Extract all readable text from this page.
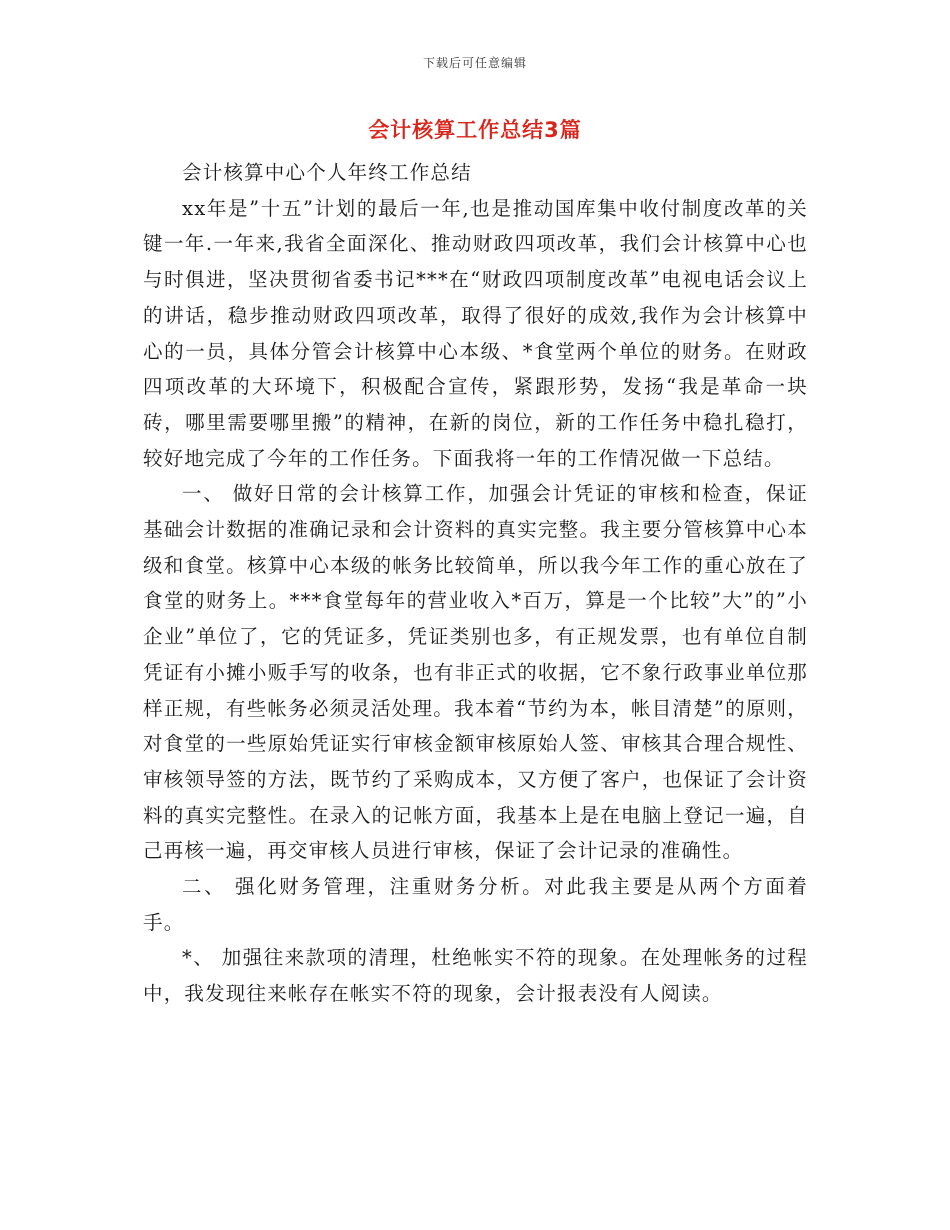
下载后可任意编辑
会计核算工作总结3篇

会计核算中心个人年终工作总结

xx年是”十五”计划的最后一年,也是推动国库集中收付制度改革的关键一年.一年来,我省全面深化、推动财政四项改革，我们会计核算中心也与时俱进，坚决贯彻省委书记***在“财政四项制度改革”电视电话会议上的讲话，稳步推动财政四项改革，取得了很好的成效,我作为会计核算中心的一员，具体分管会计核算中心本级、*食堂两个单位的财务。在财政四项改革的大环境下，积极配合宣传，紧跟形势，发扬“我是革命一块砖，哪里需要哪里搬”的精神，在新的岗位，新的工作任务中稳扎稳打，较好地完成了今年的工作任务。下面我将一年的工作情况做一下总结。

一、 做好日常的会计核算工作，加强会计凭证的审核和检查，保证基础会计数据的准确记录和会计资料的真实完整。我主要分管核算中心本级和食堂。核算中心本级的帐务比较简单，所以我今年工作的重心放在了食堂的财务上。***食堂每年的营业收入*百万，算是一个比较”大”的”小企业”单位了，它的凭证多，凭证类别也多，有正规发票，也有单位自制凭证有小摊小贩手写的收条，也有非正式的收据，它不象行政事业单位那样正规，有些帐务必须灵活处理。我本着“节约为本，帐目清楚”的原则，对食堂的一些原始凭证实行审核金额审核原始人签、审核其合理合规性、审核领导签的方法，既节约了采购成本，又方便了客户，也保证了会计资料的真实完整性。在录入的记帐方面，我基本上是在电脑上登记一遍，自己再核一遍，再交审核人员进行审核，保证了会计记录的准确性。

二、 强化财务管理，注重财务分析。对此我主要是从两个方面着手。

*、 加强往来款项的清理，杜绝帐实不符的现象。在处理帐务的过程中，我发现往来帐存在帐实不符的现象，会计报表没有人阅读。
